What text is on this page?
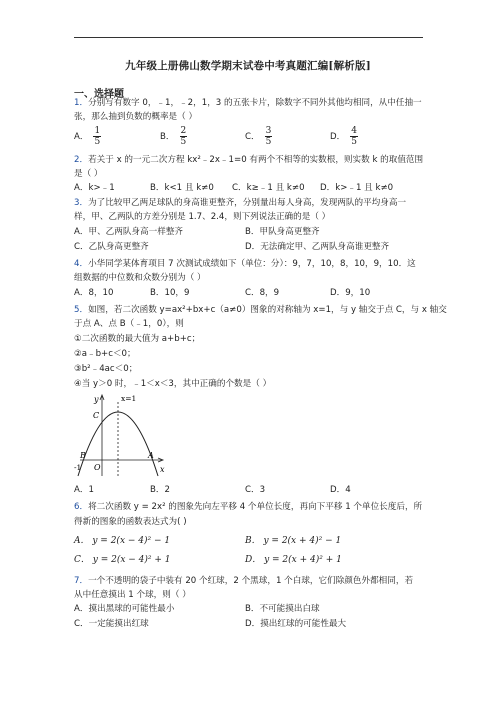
九年级上册佛山数学期末试卷中考真题汇编[解析版]
一、选择题
1．分别写有数字 0，﹣1，﹣2，1，3 的五张卡片，除数字不同外其他均相同，从中任抽一
张，那么抽到负数的概率是（ ）
A． $\frac{1}{5}$	B． $\frac{2}{5}$	C． $\frac{3}{5}$	D． $\frac{4}{5}$
2．若关于 x 的一元二次方程 kx²﹣2x﹣1=0 有两个不相等的实数根，则实数 k 的取值范围
是（ ）
A．k>﹣1	B．k<1 且 k≠0 C．k≥﹣1 且 k≠0 D．k>﹣1 且 k≠0
3．为了比较甲乙两足球队的身高谁更整齐，分别量出每人身高，发现两队的平均身高一
样，甲、乙两队的方差分别是 1.7、2.4，则下列说法正确的是（ ）
A．甲、乙两队身高一样整齐	B．甲队身高更整齐
C．乙队身高更整齐	D．无法确定甲、乙两队身高谁更整齐
4．小华同学某体育项目 7 次测试成绩如下（单位：分）：9，7，10，8，10，9，10．这
组数据的中位数和众数分别为（ ）
A．8，10	B．10，9	C．8，9	D．9，10
5．如图，若二次函数 y=ax²+bx+c（a≠0）图象的对称轴为 x=1，与 y 轴交于点 C，与 x 轴交
于点 A、点 B（﹣1，0），则
①二次函数的最大值为 a+b+c；
②a﹣b+c＜0；
③b²﹣4ac＜0；
④当 y＞0 时，﹣1＜x＜3，其中正确的个数是（ ）
y	x=1
C
B	A
-1 O	x
A．1	B．2	C．3	D．4
6．将二次函数 y = 2x² 的图象先向左平移 4 个单位长度，再向下平移 1 个单位长度后，所
得新的图象的函数表达式为( )
A． y = 2(x − 4)² − 1	B． y = 2(x + 4)² − 1
C． y = 2(x − 4)² + 1	D． y = 2(x + 4)² + 1
7．一个不透明的袋子中装有 20 个红球，2 个黑球，1 个白球，它们除颜色外都相同，若
从中任意摸出 1 个球，则（ ）
A．摸出黑球的可能性最小	B．不可能摸出白球
C．一定能摸出红球	D．摸出红球的可能性最大
